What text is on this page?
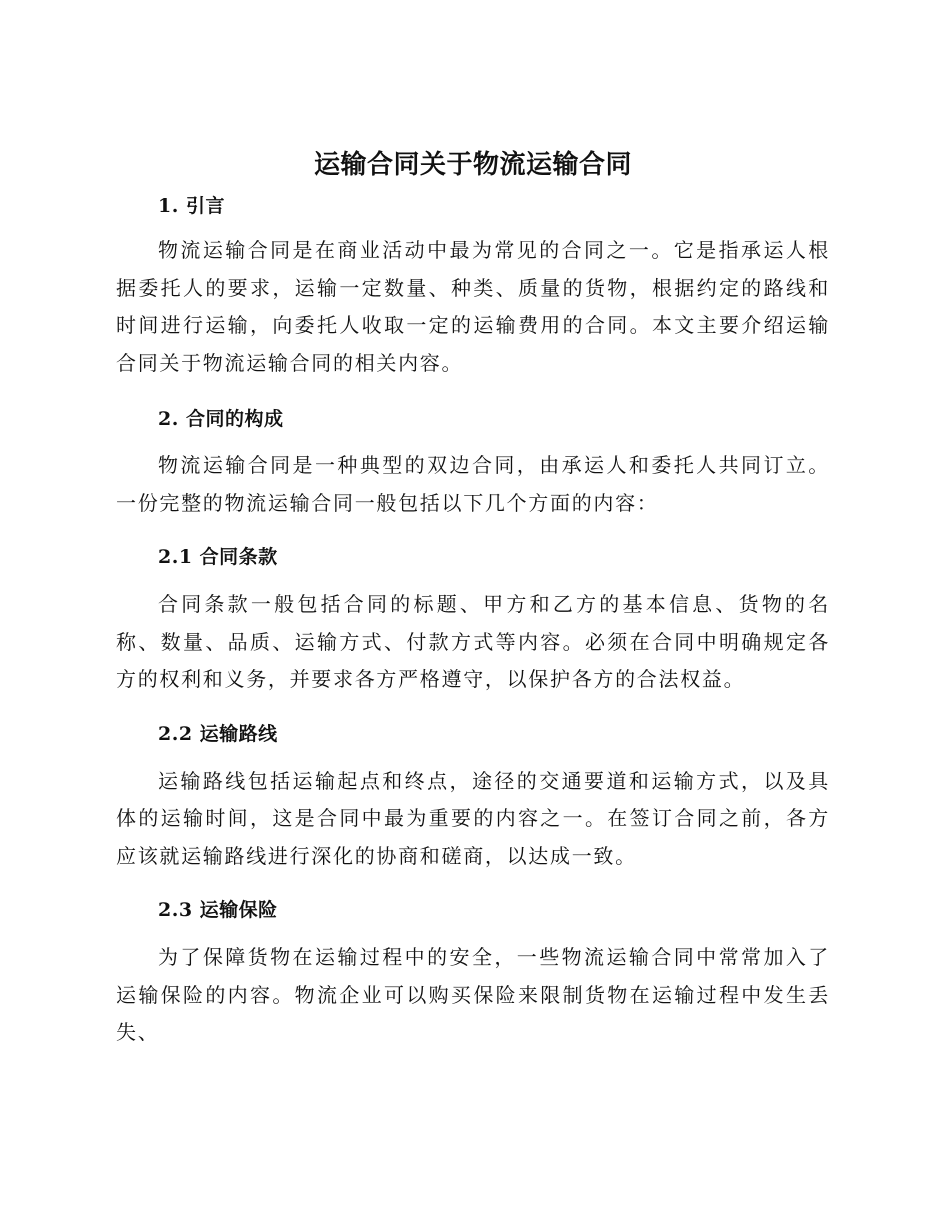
运输合同关于物流运输合同
1. 引言

物流运输合同是在商业活动中最为常见的合同之一。它是指承运人根据委托人的要求，运输一定数量、种类、质量的货物，根据约定的路线和时间进行运输，向委托人收取一定的运输费用的合同。本文主要介绍运输合同关于物流运输合同的相关内容。

2. 合同的构成

物流运输合同是一种典型的双边合同，由承运人和委托人共同订立。一份完整的物流运输合同一般包括以下几个方面的内容：

2.1 合同条款

合同条款一般包括合同的标题、甲方和乙方的基本信息、货物的名称、数量、品质、运输方式、付款方式等内容。必须在合同中明确规定各方的权利和义务，并要求各方严格遵守，以保护各方的合法权益。

2.2 运输路线

运输路线包括运输起点和终点，途径的交通要道和运输方式，以及具体的运输时间，这是合同中最为重要的内容之一。在签订合同之前，各方应该就运输路线进行深化的协商和磋商，以达成一致。

2.3 运输保险

为了保障货物在运输过程中的安全，一些物流运输合同中常常加入了运输保险的内容。物流企业可以购买保险来限制货物在运输过程中发生丢失、
